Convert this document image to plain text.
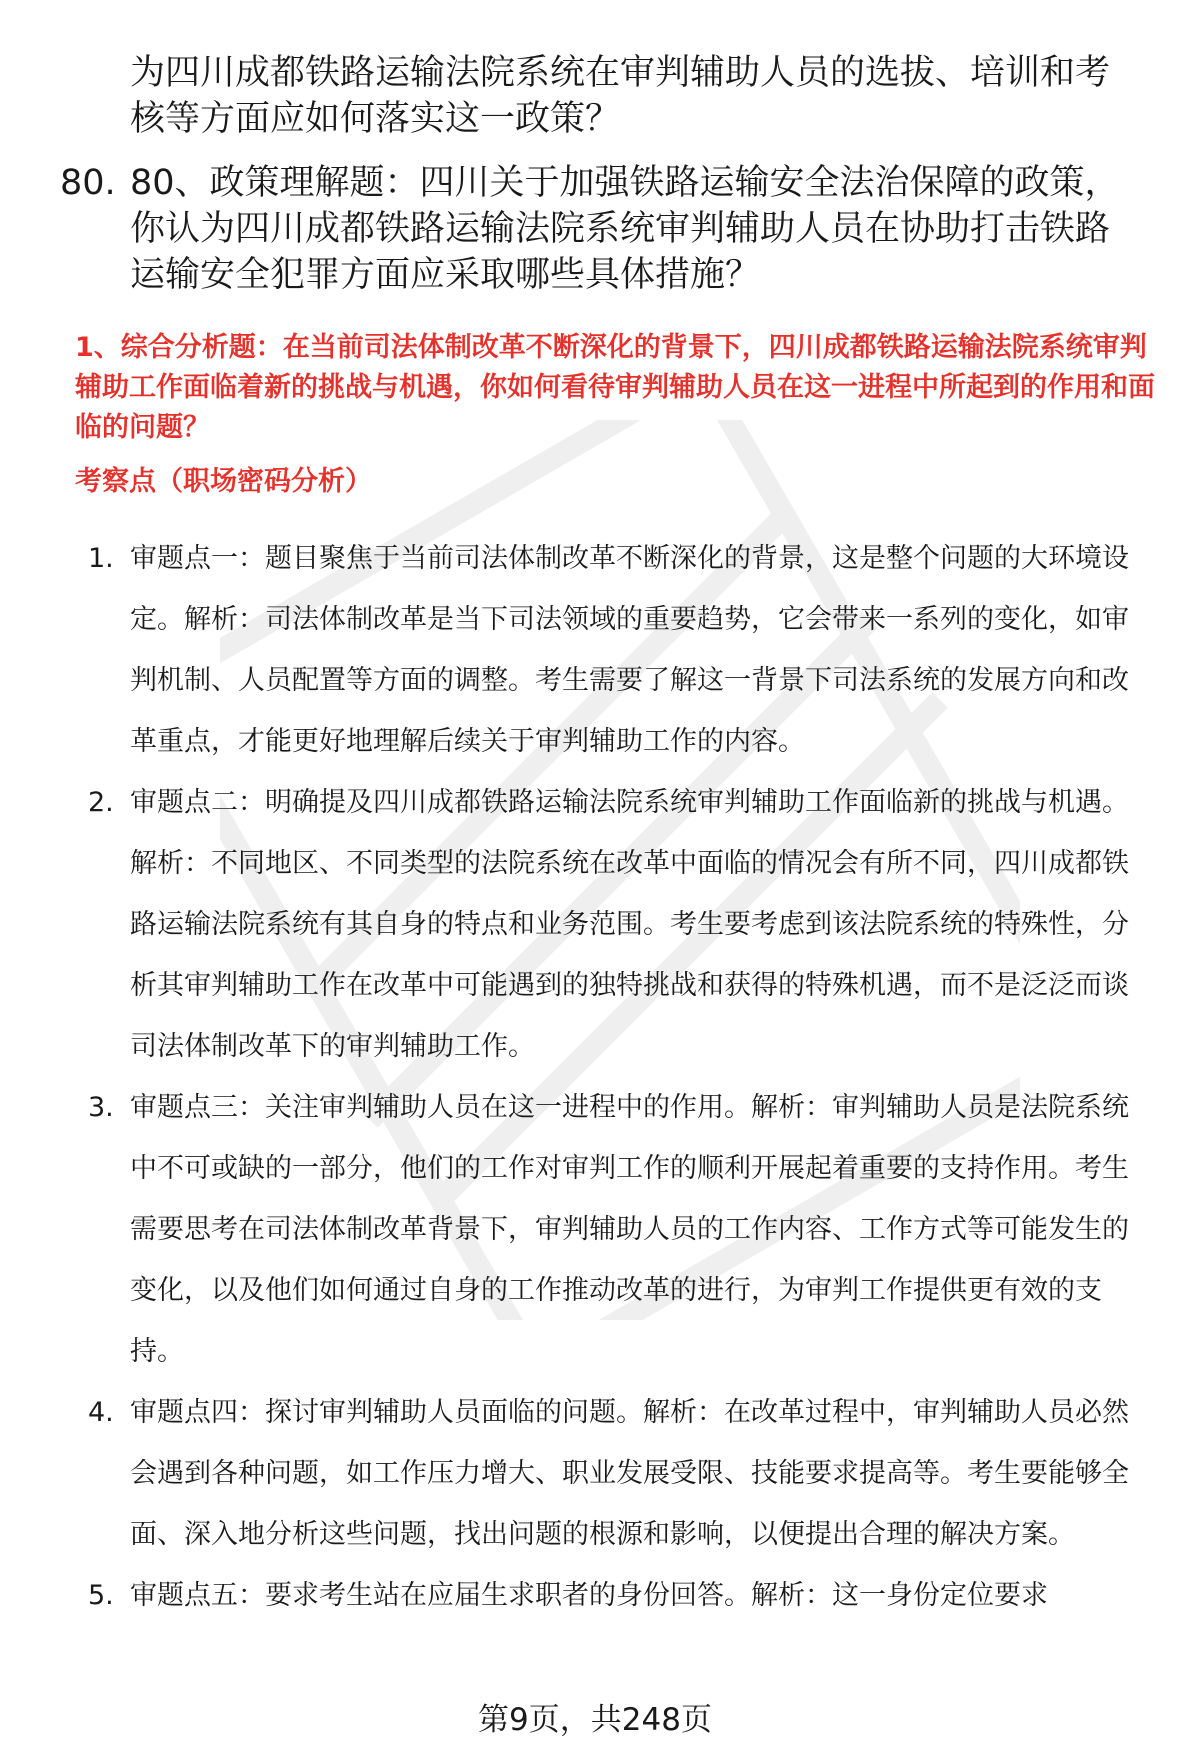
为四川成都铁路运输法院系统在审判辅助人员的选拔、培训和考核等方面应如何落实这一政策？
80. 80、政策理解题：四川关于加强铁路运输安全法治保障的政策，你认为四川成都铁路运输法院系统审判辅助人员在协助打击铁路运输安全犯罪方面应采取哪些具体措施？
1、综合分析题：在当前司法体制改革不断深化的背景下，四川成都铁路运输法院系统审判辅助工作面临着新的挑战与机遇，你如何看待审判辅助人员在这一进程中所起到的作用和面临的问题？
考察点（职场密码分析）
1. 审题点一：题目聚焦于当前司法体制改革不断深化的背景，这是整个问题的大环境设定。解析：司法体制改革是当下司法领域的重要趋势，它会带来一系列的变化，如审判机制、人员配置等方面的调整。考生需要了解这一背景下司法系统的发展方向和改革重点，才能更好地理解后续关于审判辅助工作的内容。
2. 审题点二：明确提及四川成都铁路运输法院系统审判辅助工作面临新的挑战与机遇。解析：不同地区、不同类型的法院系统在改革中面临的情况会有所不同，四川成都铁路运输法院系统有其自身的特点和业务范围。考生要考虑到该法院系统的特殊性，分析其审判辅助工作在改革中可能遇到的独特挑战和获得的特殊机遇，而不是泛泛而谈司法体制改革下的审判辅助工作。
3. 审题点三：关注审判辅助人员在这一进程中的作用。解析：审判辅助人员是法院系统中不可或缺的一部分，他们的工作对审判工作的顺利开展起着重要的支持作用。考生需要思考在司法体制改革背景下，审判辅助人员的工作内容、工作方式等可能发生的变化，以及他们如何通过自身的工作推动改革的进行，为审判工作提供更有效的支持。
4. 审题点四：探讨审判辅助人员面临的问题。解析：在改革过程中，审判辅助人员必然会遇到各种问题，如工作压力增大、职业发展受限、技能要求提高等。考生要能够全面、深入地分析这些问题，找出问题的根源和影响，以便提出合理的解决方案。
5. 审题点五：要求考生站在应届生求职者的身份回答。解析：这一身份定位要求
第9页，共248页
